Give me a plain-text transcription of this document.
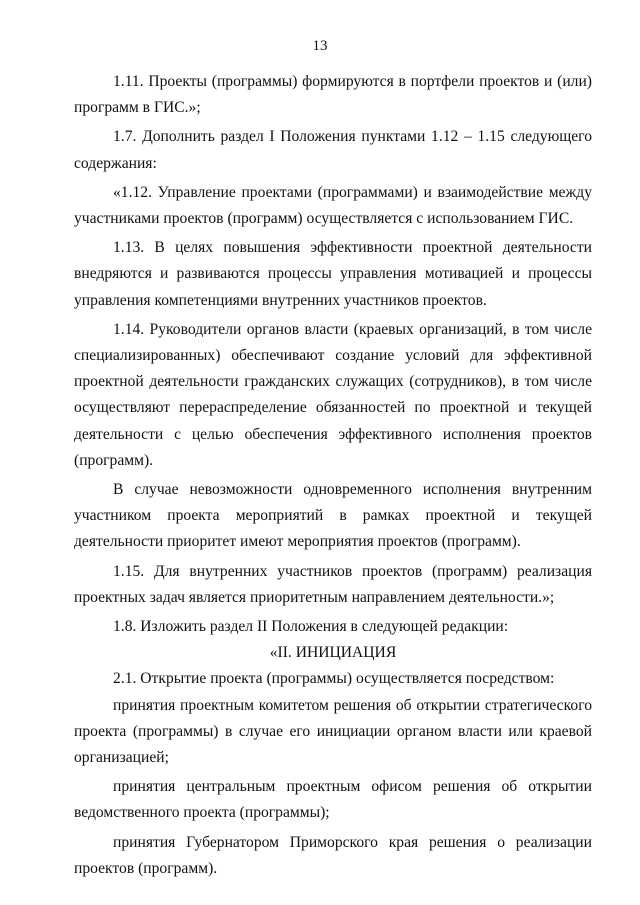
13

1.11. Проекты (программы) формируются в портфели проектов и (или) программ в ГИС.»;

1.7. Дополнить раздел I Положения пунктами 1.12 – 1.15 следующего содержания:

«1.12. Управление проектами (программами) и взаимодействие между участниками проектов (программ) осуществляется с использованием ГИС.

1.13. В целях повышения эффективности проектной деятельности внедряются и развиваются процессы управления мотивацией и процессы управления компетенциями внутренних участников проектов.

1.14. Руководители органов власти (краевых организаций, в том числе специализированных) обеспечивают создание условий для эффективной проектной деятельности гражданских служащих (сотрудников), в том числе осуществляют перераспределение обязанностей по проектной и текущей деятельности с целью обеспечения эффективного исполнения проектов (программ).

В случае невозможности одновременного исполнения внутренним участником проекта мероприятий в рамках проектной и текущей деятельности приоритет имеют мероприятия проектов (программ).

1.15. Для внутренних участников проектов (программ) реализация проектных задач является приоритетным направлением деятельности.»;

1.8. Изложить раздел II Положения в следующей редакции:

«II. ИНИЦИАЦИЯ

2.1. Открытие проекта (программы) осуществляется посредством:

принятия проектным комитетом решения об открытии стратегического проекта (программы) в случае его инициации органом власти или краевой организацией;

принятия центральным проектным офисом решения об открытии ведомственного проекта (программы);

принятия Губернатором Приморского края решения о реализации проектов (программ).
